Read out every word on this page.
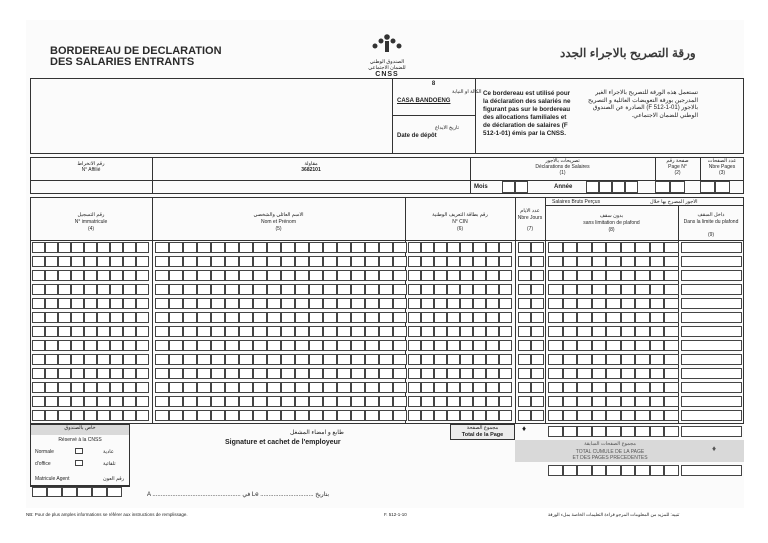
BORDEREAU DE DECLARATION
DES SALARIES ENTRANTS
ورقة التصريح بالاجراء الجدد
الصندوق الوطني للضمان الاجتماعي
CNSS
8
الكالة او النيابة
CASA BANDOENG
تاريخ الايداع
Date de dépôt
Ce bordereau est utilisé pour la déclaration des salariés ne figurant pas sur le bordereau des allocations familiales et de déclaration de salaires (F 512-1-01) émis par la CNSS.
تستعمل هذه الورقة للتصريح بالاجراء الغير المدرجين بورقة التعويضات العائلية و التصريح بالاجور (F 512-1-01) الصادرة عن الصندوق الوطني للضمان الاجتماعي.
رقم الانخراط
N° Affilié
مقاولة
3682101
تصريحات بالاجور
Déclarations de Salaires
(1)
صفحة رقم
Page N°
(2)
عدد الصفحات
Nbre Pages
(3)
Mois	Année
رقم التسجيل
N° immatricule
(4)
الاسم العائلي والشخصي
Nom et Prénom
(5)
رقم بطاقة التعريف الوطنية
N° CIN
(6)
عدد الايام
Nbre Jours
(7)
Salaires Bruts Perçus	الاجور المصرح بها خلال
بدون سقف
sans limitation de plafond
(8)
داخل السقف
Dans la limite du plafond
(9)
خاص بالصندوق
Réservé à la CNSS
Normale	عادية
d'office	تلقائية
Matricule Agent	رقم العون
طابع و امضاء المشغل
Signature et cachet de l'employeur
مجموع الصفحة
Total de la Page
♦
مجموع الصفحات السابقة
TOTAL CUMULE DE LA PAGE
ET DES PAGES PRECEDENTES
♦
A ..................................................... في Le ................................ بتاريخ
NB: Pour de plus amples informations se référer aux instructions de remplissage.	F. 512-1-10	تنبيه: للمزيد من المعلومات المرجو قراءة التعليمات الخاصة بملء الورقة
